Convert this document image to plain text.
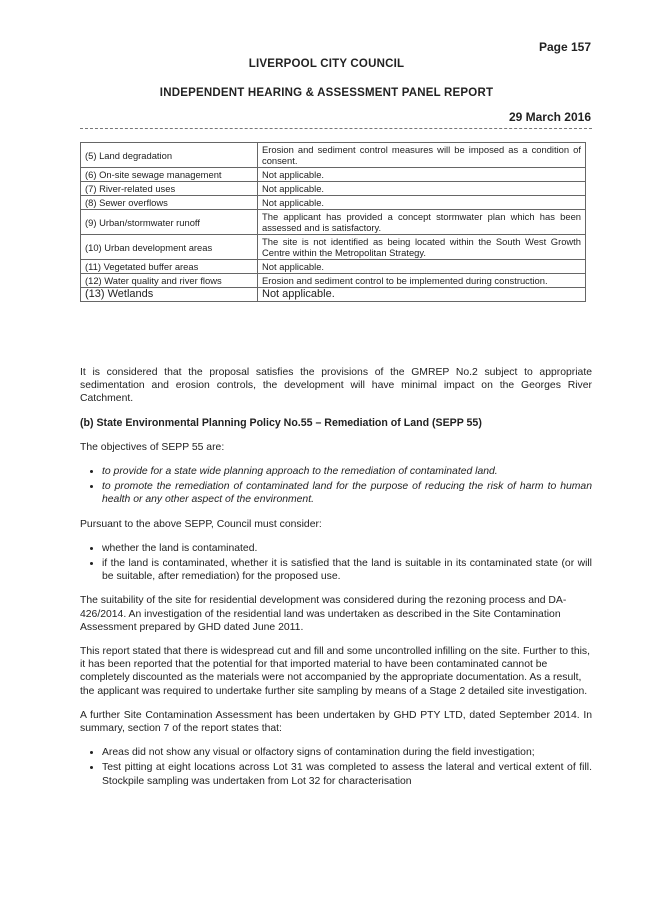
Page 157
LIVERPOOL CITY COUNCIL
INDEPENDENT HEARING & ASSESSMENT PANEL REPORT
29 March 2016
(5) Land degradation	Erosion and sediment control measures will be imposed as a condition of consent.
(6) On-site sewage management	Not applicable.
(7) River-related uses	Not applicable.
(8) Sewer overflows	Not applicable.
(9) Urban/stormwater runoff	The applicant has provided a concept stormwater plan which has been assessed and is satisfactory.
(10) Urban development areas	The site is not identified as being located within the South West Growth Centre within the Metropolitan Strategy.
(11) Vegetated buffer areas	Not applicable.
(12) Water quality and river flows	Erosion and sediment control to be implemented during construction.
(13) Wetlands	Not applicable.

It is considered that the proposal satisfies the provisions of the GMREP No.2 subject to appropriate sedimentation and erosion controls, the development will have minimal impact on the Georges River Catchment.

(b) State Environmental Planning Policy No.55 – Remediation of Land (SEPP 55)

The objectives of SEPP 55 are:

• to provide for a state wide planning approach to the remediation of contaminated land.
• to promote the remediation of contaminated land for the purpose of reducing the risk of harm to human health or any other aspect of the environment.

Pursuant to the above SEPP, Council must consider:

• whether the land is contaminated.
• if the land is contaminated, whether it is satisfied that the land is suitable in its contaminated state (or will be suitable, after remediation) for the proposed use.

The suitability of the site for residential development was considered during the rezoning process and DA-426/2014. An investigation of the residential land was undertaken as described in the Site Contamination Assessment prepared by GHD dated June 2011.

This report stated that there is widespread cut and fill and some uncontrolled infilling on the site. Further to this, it has been reported that the potential for that imported material to have been contaminated cannot be completely discounted as the materials were not accompanied by the appropriate documentation. As a result, the applicant was required to undertake further site sampling by means of a Stage 2 detailed site investigation.

A further Site Contamination Assessment has been undertaken by GHD PTY LTD, dated September 2014. In summary, section 7 of the report states that:

• Areas did not show any visual or olfactory signs of contamination during the field investigation;
• Test pitting at eight locations across Lot 31 was completed to assess the lateral and vertical extent of fill. Stockpile sampling was undertaken from Lot 32 for characterisation
